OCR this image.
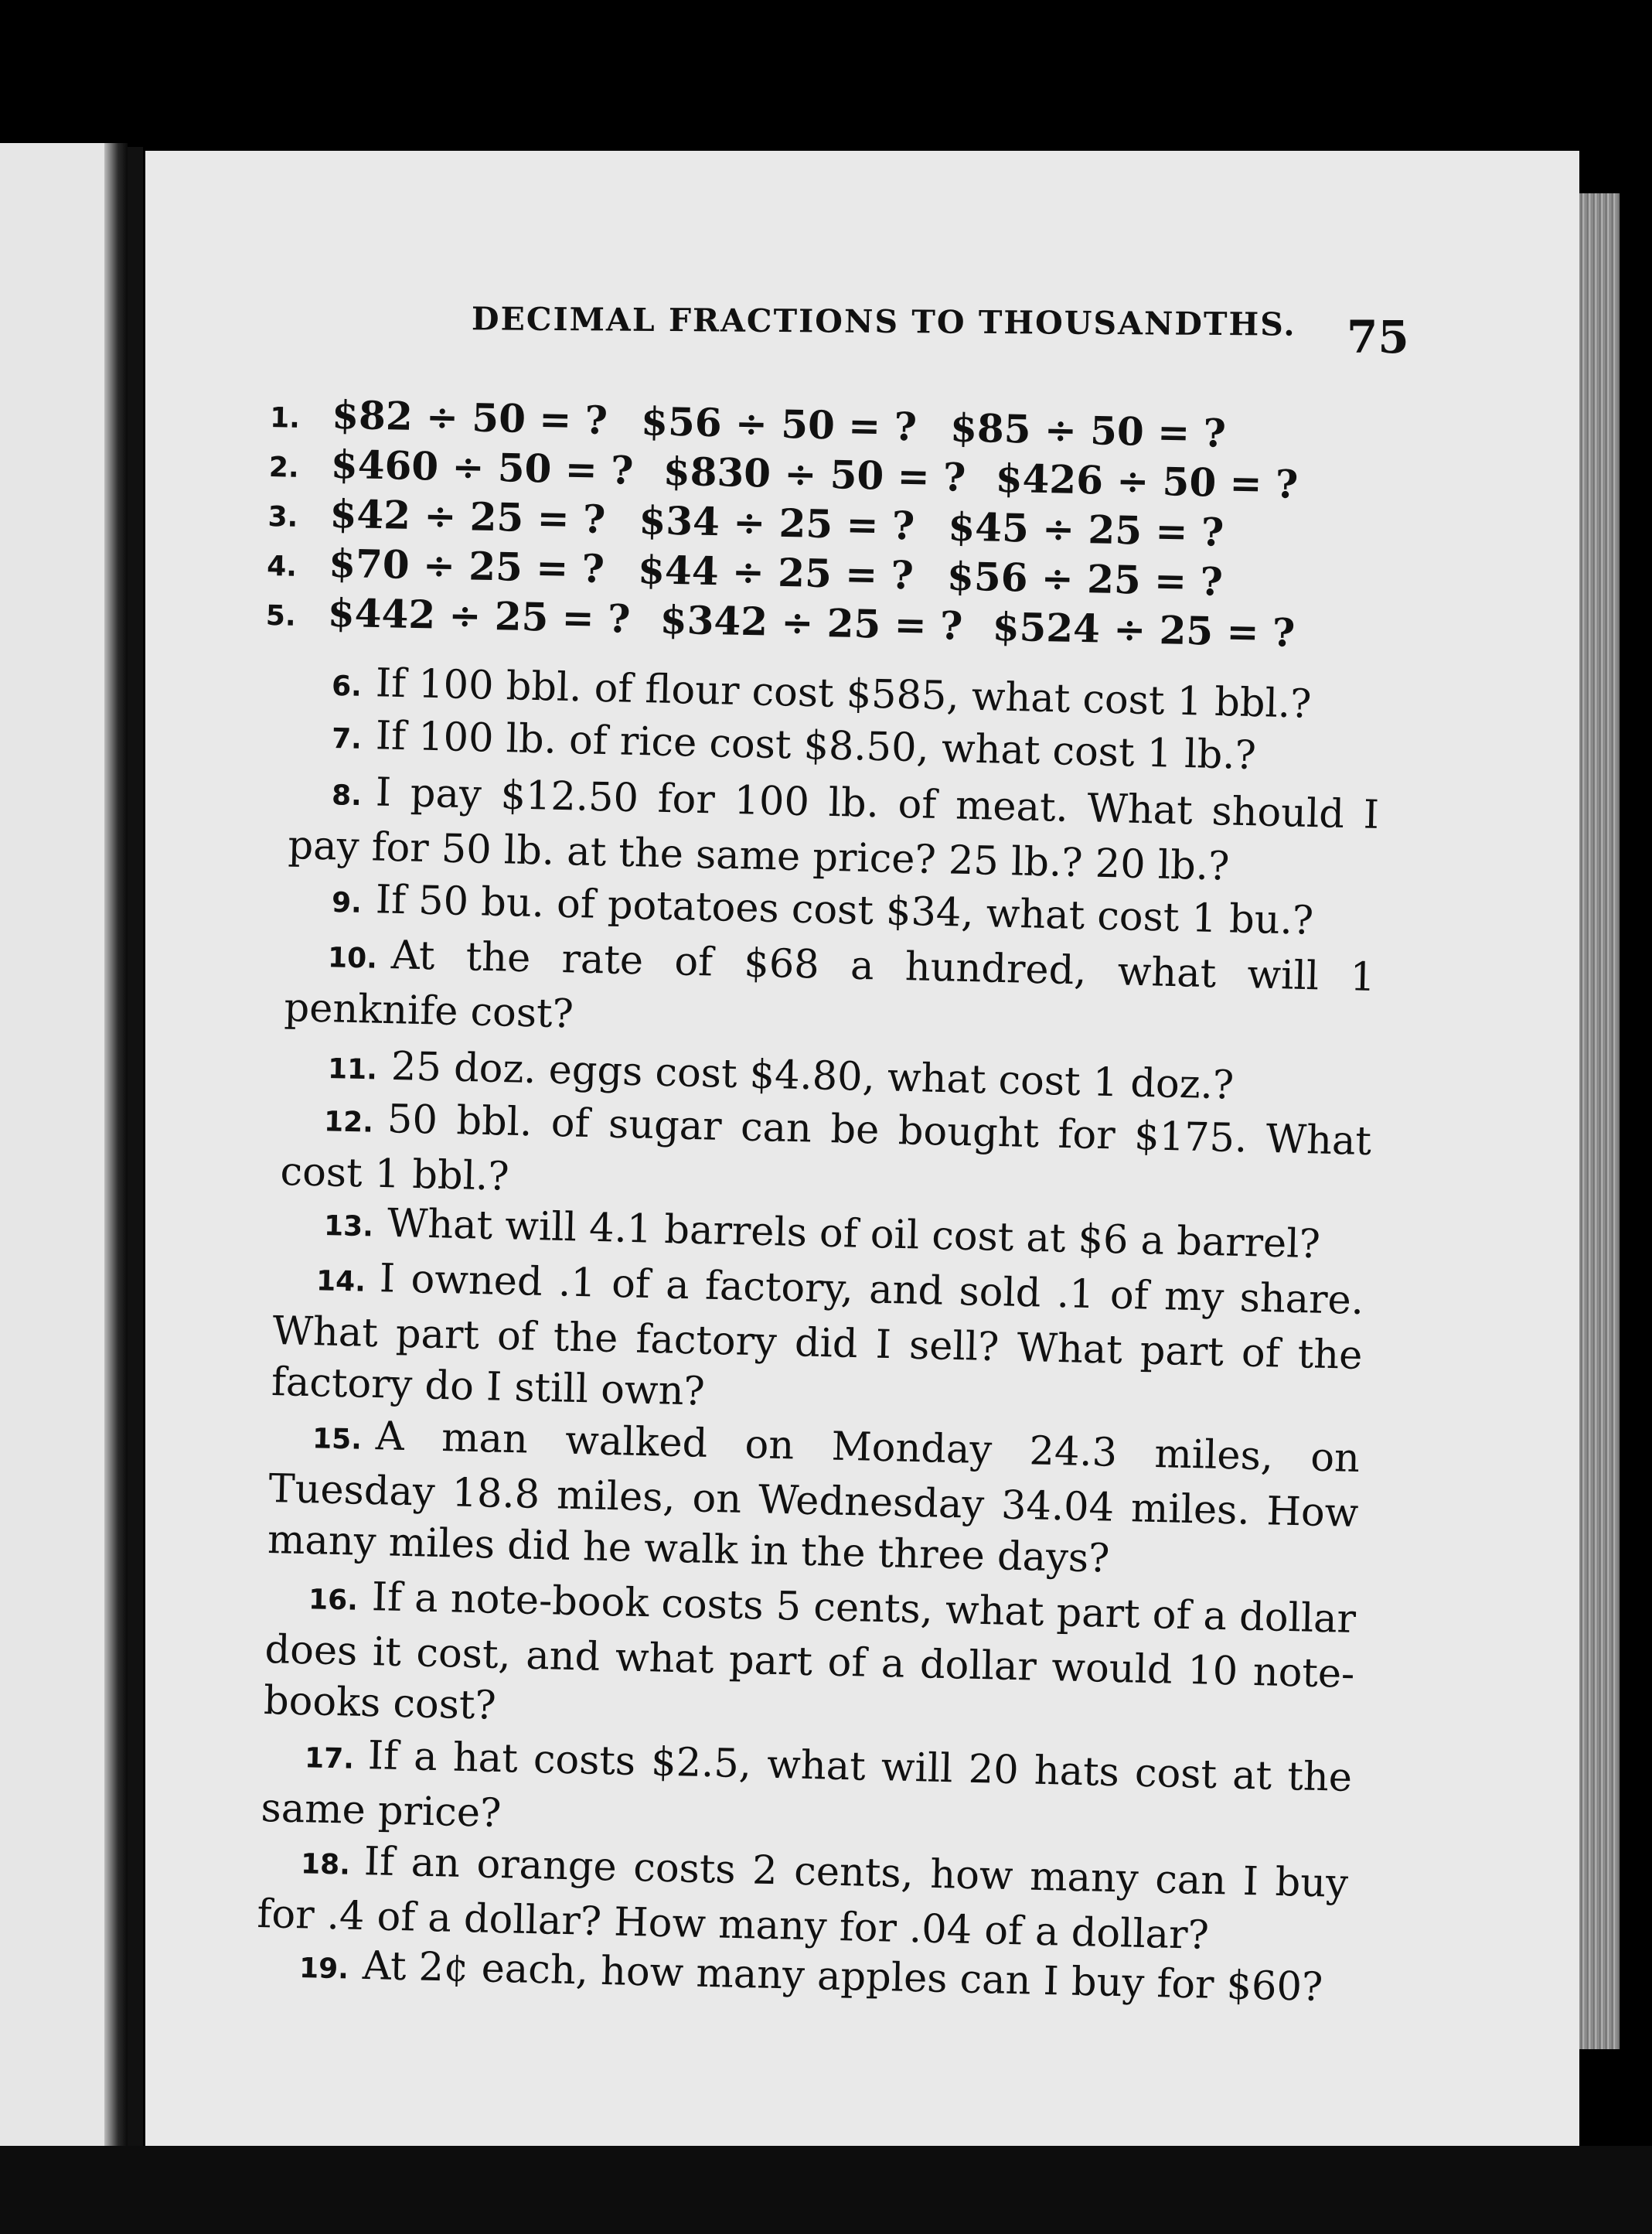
DECIMAL FRACTIONS TO THOUSANDTHS. 75
1. $82 ÷ 50 = ? $56 ÷ 50 = ? $85 ÷ 50 = ?
2. $460 ÷ 50 = ? $830 ÷ 50 = ? $426 ÷ 50 = ?
3. $42 ÷ 25 = ? $34 ÷ 25 = ? $45 ÷ 25 = ?
4. $70 ÷ 25 = ? $44 ÷ 25 = ? $56 ÷ 25 = ?
5. $442 ÷ 25 = ? $342 ÷ 25 = ? $524 ÷ 25 = ?
6. If 100 bbl. of flour cost $585, what cost 1 bbl.?
7. If 100 lb. of rice cost $8.50, what cost 1 lb.?
8. I pay $12.50 for 100 lb. of meat. What should I pay for 50 lb. at the same price? 25 lb.? 20 lb.?
9. If 50 bu. of potatoes cost $34, what cost 1 bu.?
10. At the rate of $68 a hundred, what will 1 penknife cost?
11. 25 doz. eggs cost $4.80, what cost 1 doz.?
12. 50 bbl. of sugar can be bought for $175. What cost 1 bbl.?
13. What will 4.1 barrels of oil cost at $6 a barrel?
14. I owned .1 of a factory, and sold .1 of my share. What part of the factory did I sell? What part of the factory do I still own?
15. A man walked on Monday 24.3 miles, on Tuesday 18.8 miles, on Wednesday 34.04 miles. How many miles did he walk in the three days?
16. If a note-book costs 5 cents, what part of a dollar does it cost, and what part of a dollar would 10 note-books cost?
17. If a hat costs $2.5, what will 20 hats cost at the same price?
18. If an orange costs 2 cents, how many can I buy for .4 of a dollar? How many for .04 of a dollar?
19. At 2¢ each, how many apples can I buy for $60?
